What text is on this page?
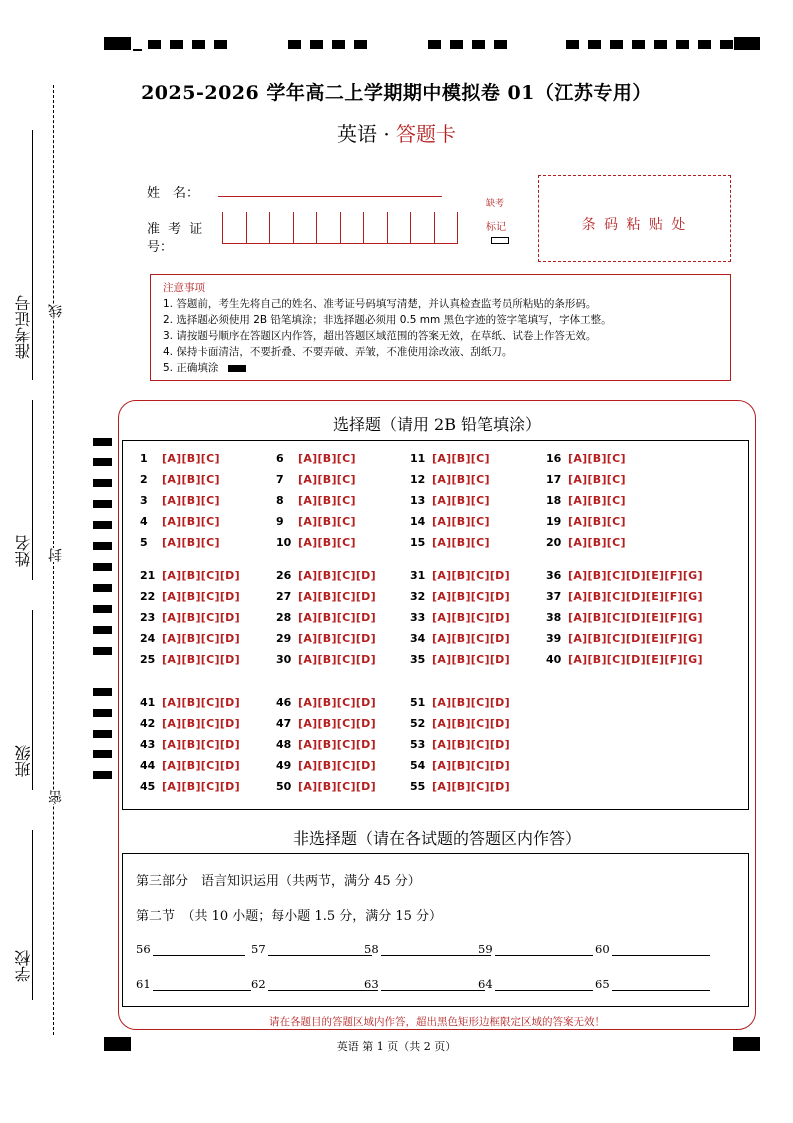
准考证号 线
姓名 封
班级
密
学校
2025-2026 学年高二上学期期中模拟卷 01（江苏专用）
英语 · 答题卡
姓　名：
准 考 证
号：
缺考
标记	条 码 粘 贴 处
注意事项
1. 答题前，考生先将自己的姓名、准考证号码填写清楚，并认真检查监考员所粘贴的条形码。
2. 选择题必须使用 2B 铅笔填涂；非选择题必须用 0.5 mm 黑色字迹的签字笔填写，字体工整。
3. 请按题号顺序在答题区内作答，超出答题区域范围的答案无效，在草纸、试卷上作答无效。
4. 保持卡面清洁，不要折叠、不要弄破、弄皱，不准使用涂改液、刮纸刀。
5. 正确填涂
选择题（请用 2B 铅笔填涂）
1 [A][B][C]
2 [A][B][C]
3 [A][B][C]
4 [A][B][C]
5 [A][B][C]
6 [A][B][C]
7 [A][B][C]
8 [A][B][C]
9 [A][B][C]
10 [A][B][C]
11 [A][B][C]
12 [A][B][C]
13 [A][B][C]
14 [A][B][C]
15 [A][B][C]
16 [A][B][C]
17 [A][B][C]
18 [A][B][C]
19 [A][B][C]
20 [A][B][C]
21 [A][B][C][D]
22 [A][B][C][D]
23 [A][B][C][D]
24 [A][B][C][D]
25 [A][B][C][D]
26 [A][B][C][D]
27 [A][B][C][D]
28 [A][B][C][D]
29 [A][B][C][D]
30 [A][B][C][D]
31 [A][B][C][D]
32 [A][B][C][D]
33 [A][B][C][D]
34 [A][B][C][D]
35 [A][B][C][D]
36 [A][B][C][D][E][F][G]
37 [A][B][C][D][E][F][G]
38 [A][B][C][D][E][F][G]
39 [A][B][C][D][E][F][G]
40 [A][B][C][D][E][F][G]
41 [A][B][C][D]
42 [A][B][C][D]
43 [A][B][C][D]
44 [A][B][C][D]
45 [A][B][C][D]
46 [A][B][C][D]
47 [A][B][C][D]
48 [A][B][C][D]
49 [A][B][C][D]
50 [A][B][C][D]
51 [A][B][C][D]
52 [A][B][C][D]
53 [A][B][C][D]
54 [A][B][C][D]
55 [A][B][C][D]
非选择题（请在各试题的答题区内作答）
第三部分　语言知识运用（共两节，满分 45 分）
第二节　（共 10 小题；每小题 1.5 分，满分 15 分）
56	57	58	59	60
61	62	63	64	65
请在各题目的答题区域内作答，超出黑色矩形边框限定区域的答案无效！
英语 第 1 页（共 2 页）
